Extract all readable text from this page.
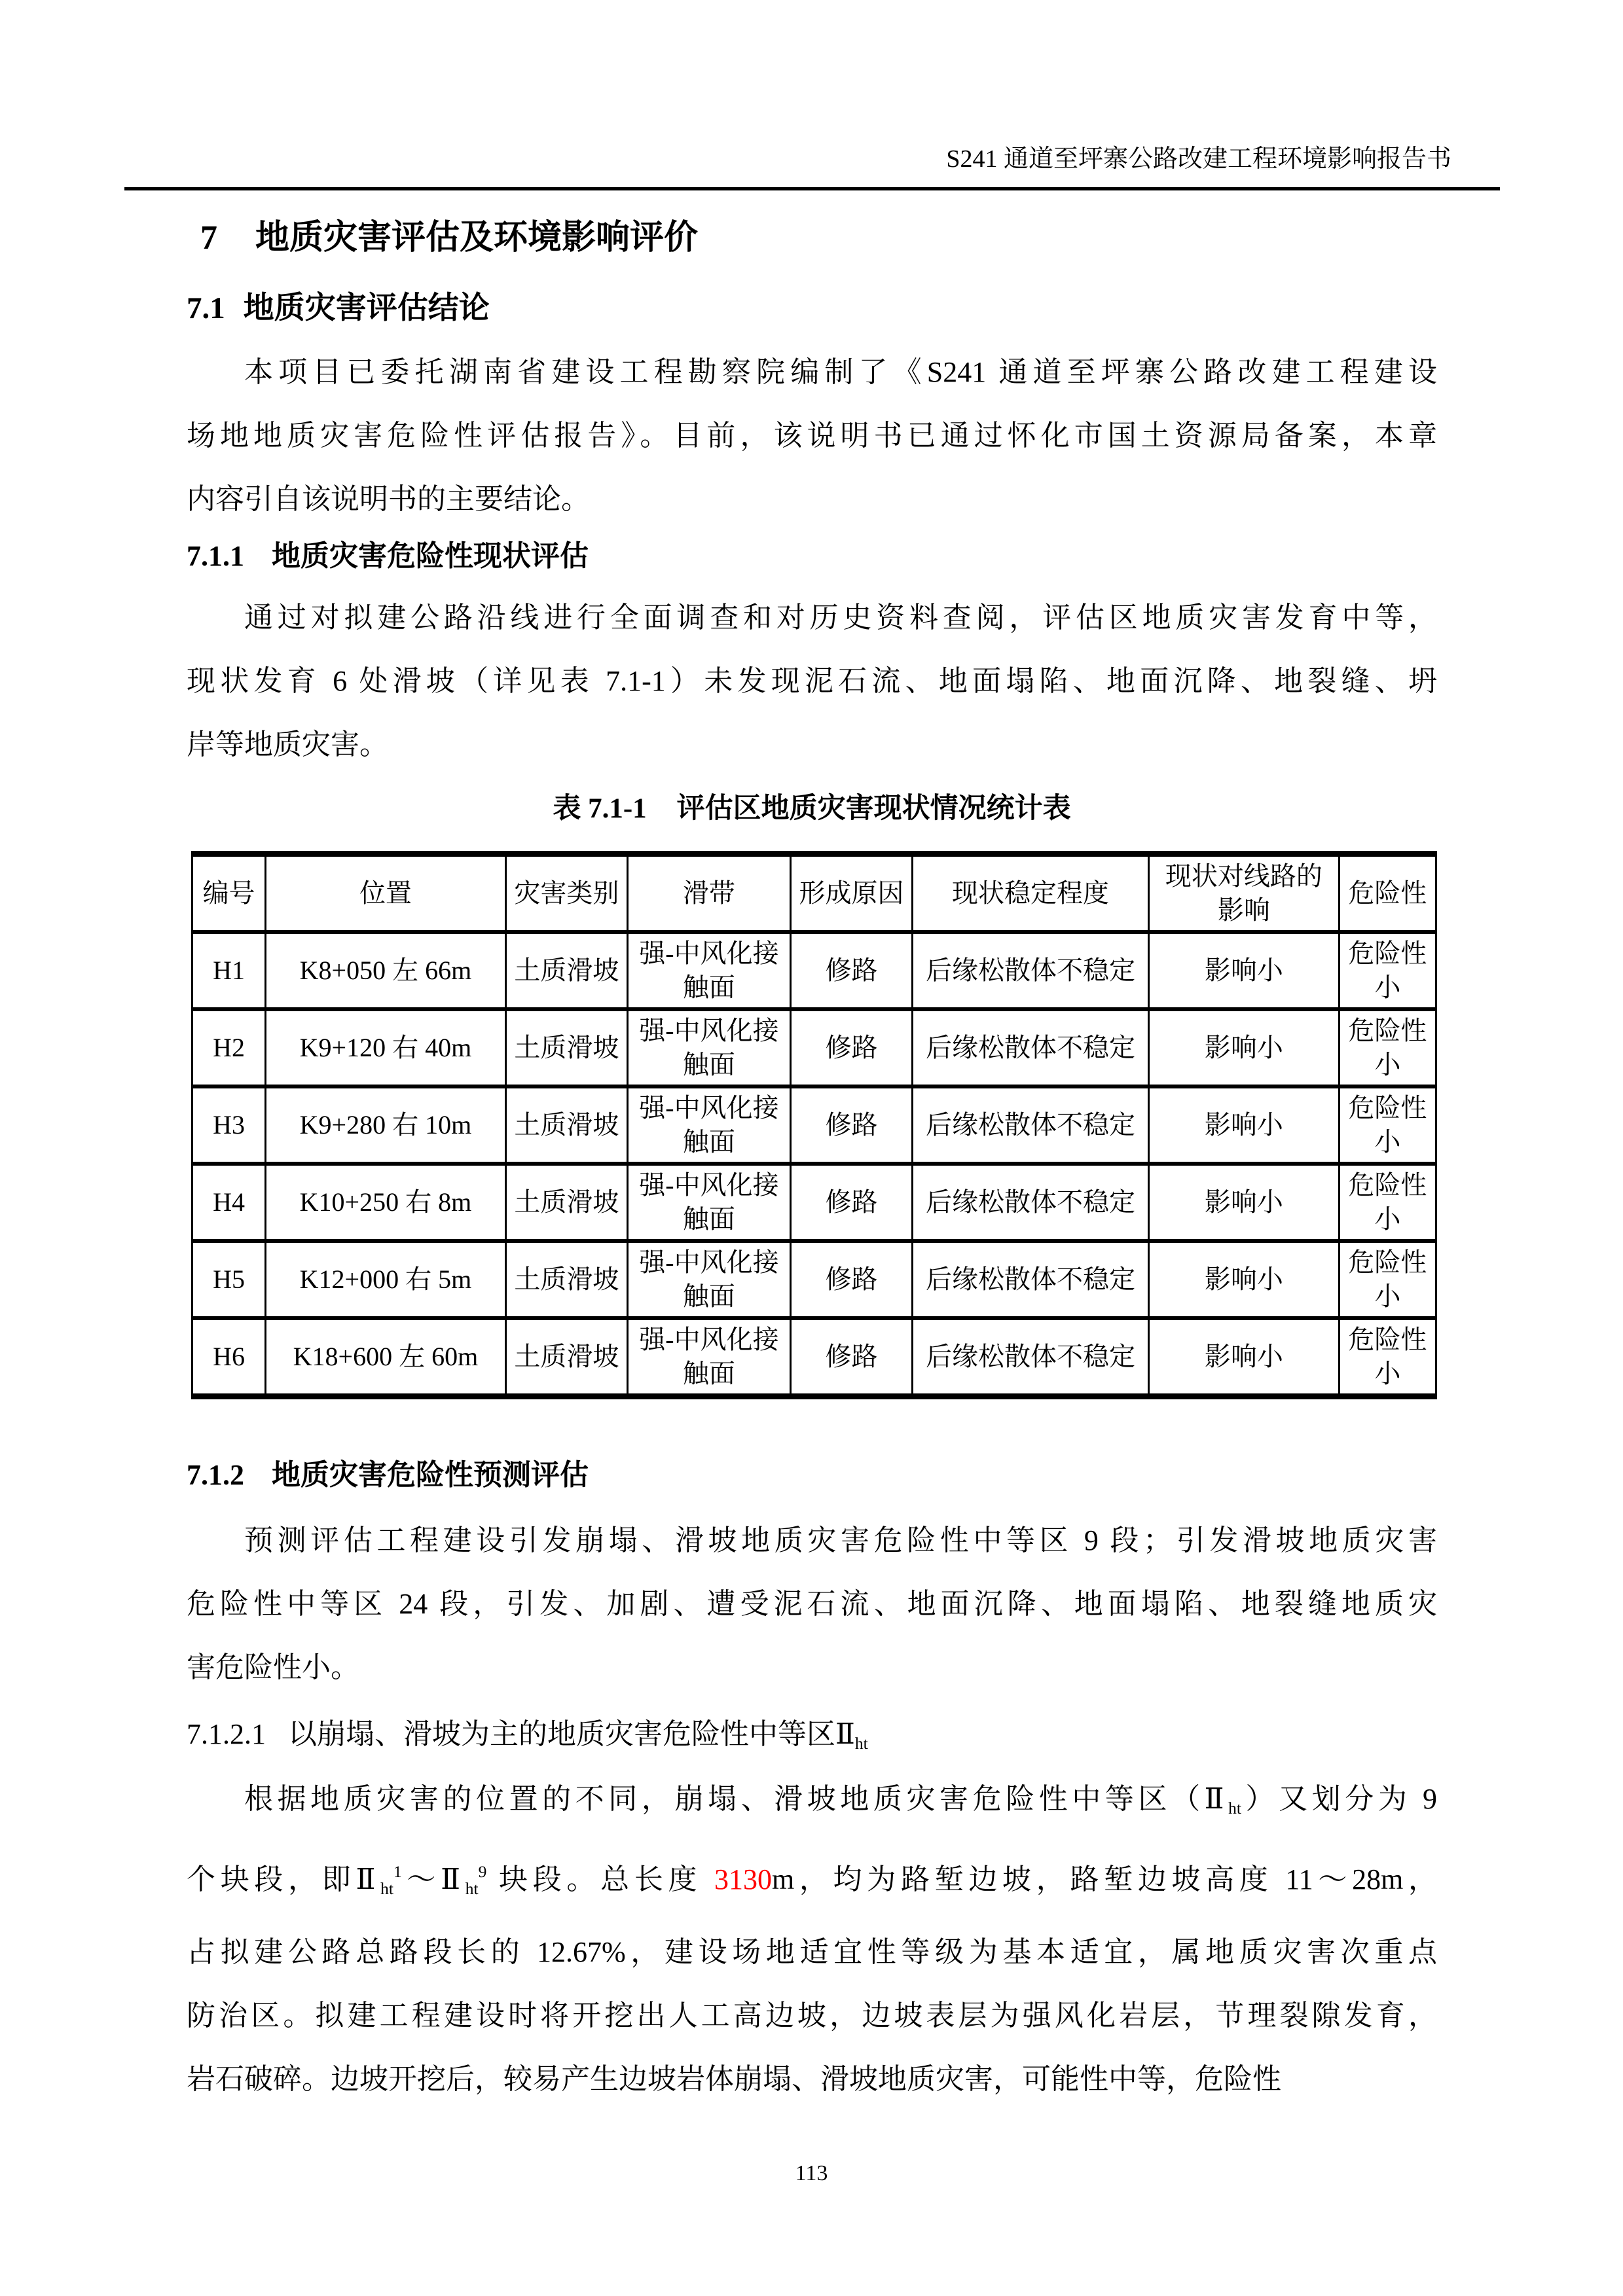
S241 通道至坪寨公路改建工程环境影响报告书
7 地质灾害评估及环境影响评价
7.1 地质灾害评估结论
本项目已委托湖南省建设工程勘察院编制了《S241 通道至坪寨公路改建工程建设
场地地质灾害危险性评估报告》。目前，该说明书已通过怀化市国土资源局备案，本章
内容引自该说明书的主要结论。
7.1.1 地质灾害危险性现状评估
通过对拟建公路沿线进行全面调查和对历史资料查阅，评估区地质灾害发育中等，
现状发育 6 处滑坡（详见表 7.1-1）未发现泥石流、地面塌陷、地面沉降、地裂缝、坍
岸等地质灾害。
表 7.1-1 评估区地质灾害现状情况统计表
编号	位置	灾害类别	滑带	形成原因	现状稳定程度	现状对线路的影响	危险性
H1	K8+050 左 66m	土质滑坡	强-中风化接触面	修路	后缘松散体不稳定	影响小	危险性小
H2	K9+120 右 40m	土质滑坡	强-中风化接触面	修路	后缘松散体不稳定	影响小	危险性小
H3	K9+280 右 10m	土质滑坡	强-中风化接触面	修路	后缘松散体不稳定	影响小	危险性小
H4	K10+250 右 8m	土质滑坡	强-中风化接触面	修路	后缘松散体不稳定	影响小	危险性小
H5	K12+000 右 5m	土质滑坡	强-中风化接触面	修路	后缘松散体不稳定	影响小	危险性小
H6	K18+600 左 60m	土质滑坡	强-中风化接触面	修路	后缘松散体不稳定	影响小	危险性小
7.1.2 地质灾害危险性预测评估
预测评估工程建设引发崩塌、滑坡地质灾害危险性中等区 9 段；引发滑坡地质灾害
危险性中等区 24 段，引发、加剧、遭受泥石流、地面沉降、地面塌陷、地裂缝地质灾
害危险性小。
7.1.2.1 以崩塌、滑坡为主的地质灾害危险性中等区$Ⅱ_{ht}$
根据地质灾害的位置的不同，崩塌、滑坡地质灾害危险性中等区$(Ⅱ_{ht})$又划分为 9
个块段，即$Ⅱ_{ht}^1\sim Ⅱ_{ht}^9$ 块段。总长度 3130m，均为路堑边坡，路堑边坡高度 11～28m，
占拟建公路总路段长的 12.67%，建设场地适宜性等级为基本适宜，属地质灾害次重点
防治区。拟建工程建设时将开挖出人工高边坡，边坡表层为强风化岩层，节理裂隙发育，
岩石破碎。边坡开挖后，较易产生边坡岩体崩塌、滑坡地质灾害，可能性中等，危险性
113
